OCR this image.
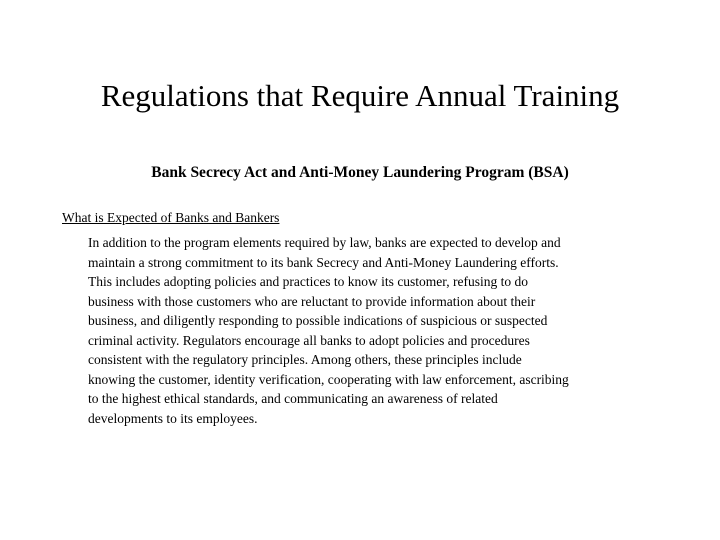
Regulations that Require Annual Training
Bank Secrecy Act and Anti-Money Laundering Program (BSA)
What is Expected of Banks and Bankers
In addition to the program elements required by law, banks are expected to develop and
maintain a strong commitment to its bank Secrecy and Anti-Money Laundering efforts.
This includes adopting policies and practices to know its customer, refusing to do
business with those customers who are reluctant to provide information about their
business, and diligently responding to possible indications of suspicious or suspected
criminal activity. Regulators encourage all banks to adopt policies and procedures
consistent with the regulatory principles. Among others, these principles include
knowing the customer, identity verification, cooperating with law enforcement, ascribing
to the highest ethical standards, and communicating an awareness of related
developments to its employees.
